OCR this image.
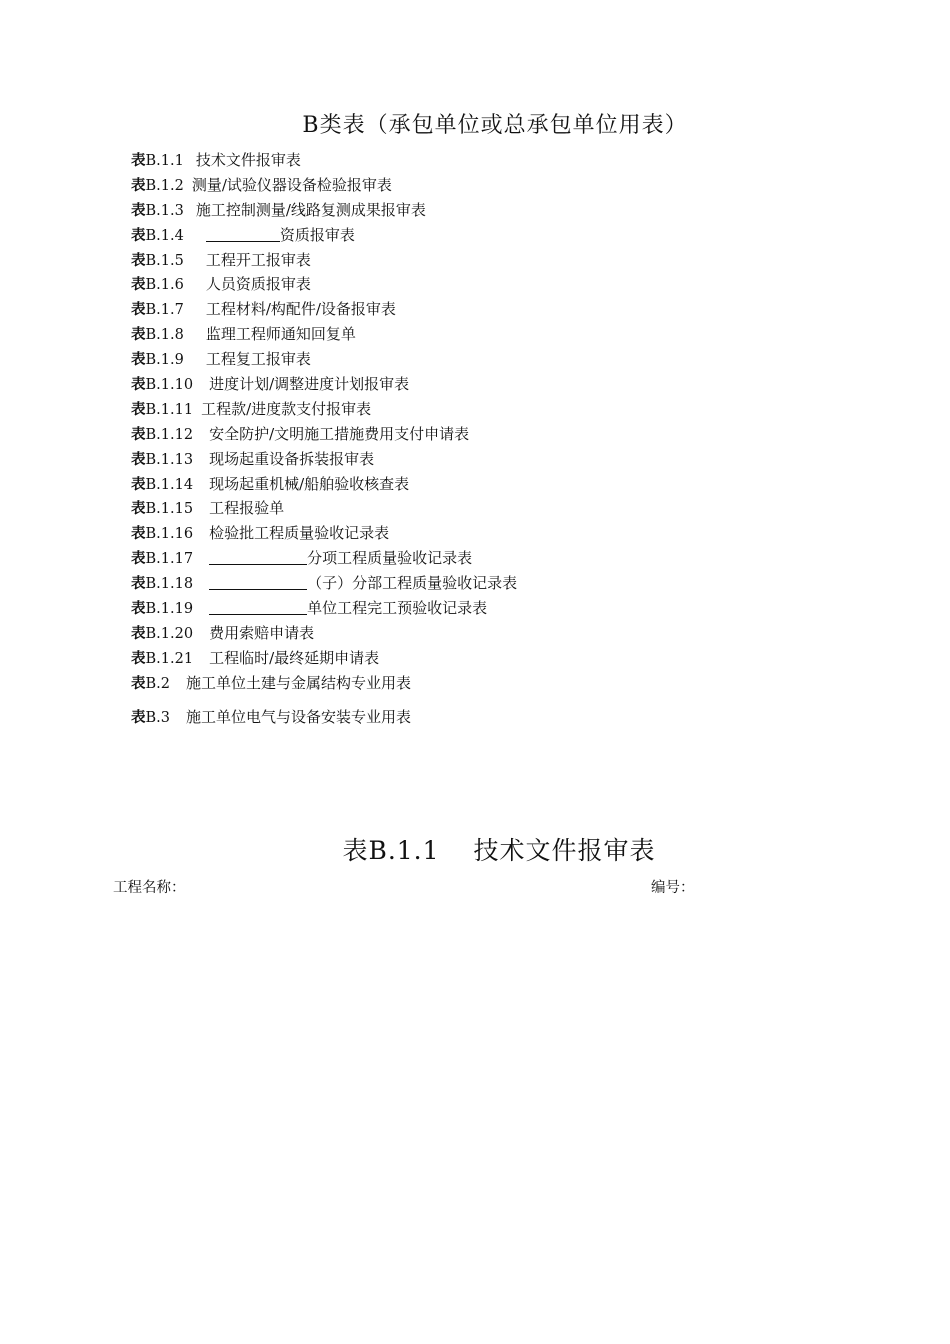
B类表（承包单位或总承包单位用表）
表B.1.1 技术文件报审表
表B.1.2 测量/试验仪器设备检验报审表
表B.1.3 施工控制测量/线路复测成果报审表
表B.1.4	资质报审表
表B.1.5 工程开工报审表
表B.1.6 人员资质报审表
表B.1.7 工程材料/构配件/设备报审表
表B.1.8 监理工程师通知回复单
表B.1.9 工程复工报审表
表B.1.10 进度计划/调整进度计划报审表
表B.1.11 工程款/进度款支付报审表
表B.1.12 安全防护/文明施工措施费用支付申请表
表B.1.13 现场起重设备拆装报审表
表B.1.14 现场起重机械/船舶验收核查表
表B.1.15 工程报验单
表B.1.16 检验批工程质量验收记录表
表B.1.17	分项工程质量验收记录表
表B.1.18	（子）分部工程质量验收记录表
表B.1.19	单位工程完工预验收记录表
表B.1.20 费用索赔申请表
表B.1.21 工程临时/最终延期申请表
表B.2 施工单位土建与金属结构专业用表
表B.3 施工单位电气与设备安装专业用表
表B.1.1 技术文件报审表
工程名称：	编号：
